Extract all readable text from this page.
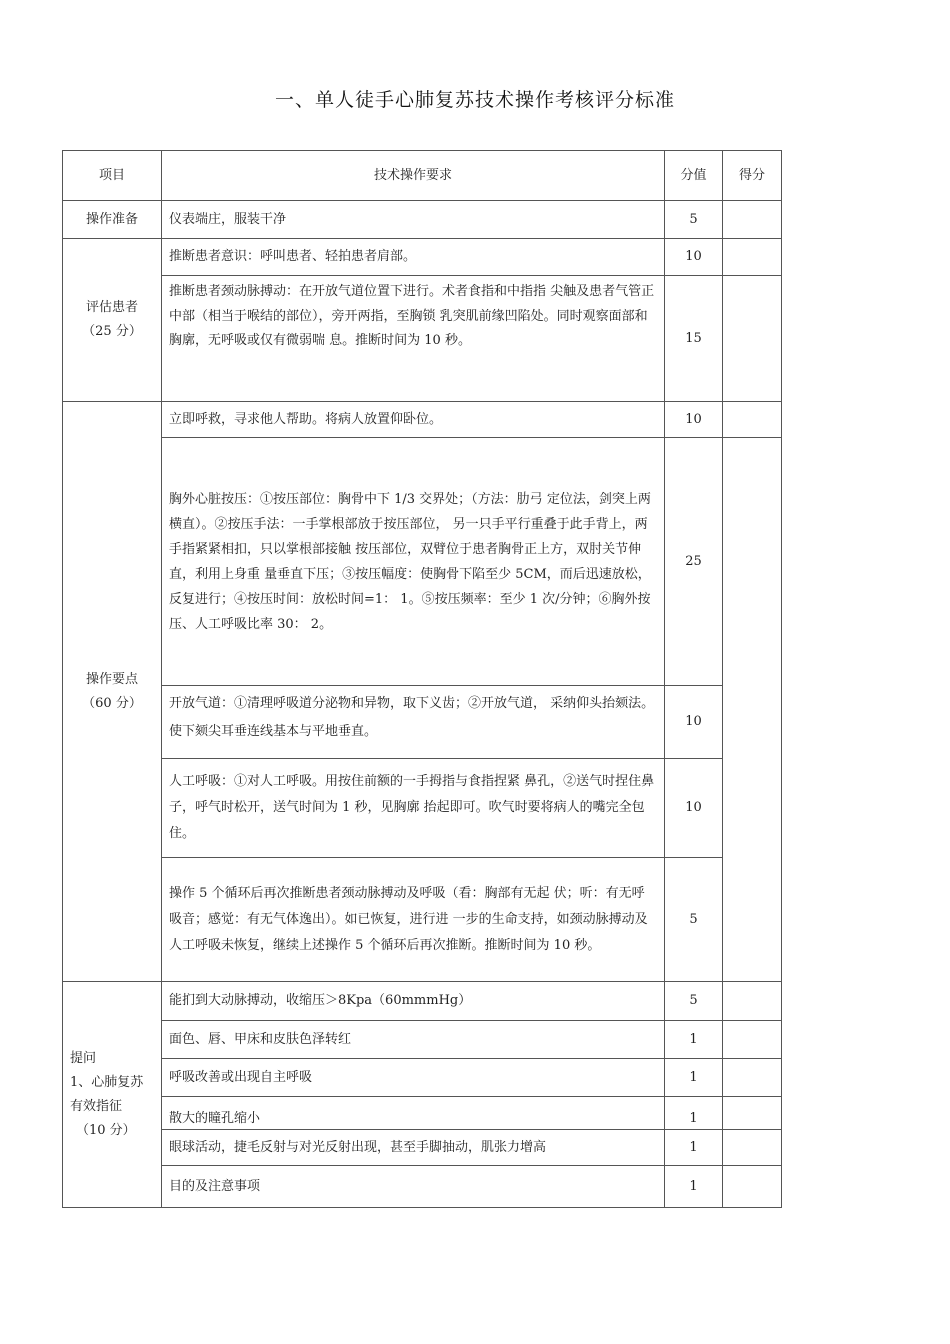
一、单人徒手心肺复苏技术操作考核评分标准
项目	技术操作要求	分值	得分
操作准备	仪表端庄，服装干净	5	

评估患者
（25 分）	推断患者意识：呼叫患者、轻拍患者肩部。	10	
	推断患者颈动脉搏动：在开放气道位置下进行。术者食指和中指指 尖触及患者气管正中部（相当于喉结的部位），旁开两指，至胸锁 乳突肌前缘凹陷处。同时观察面部和胸廓，无呼吸或仅有微弱喘 息。推断时间为 10 秒。	15	

操作要点
（60 分）	立即呼救，寻求他人帮助。将病人放置仰卧位。	10	
	胸外心脏按压：①按压部位：胸骨中下 1/3 交界处；（方法：肋弓 定位法，剑突上两横直）。②按压手法：一手掌根部放于按压部位， 另一只手平行重叠于此手背上，两手指紧紧相扣，只以掌根部接触 按压部位，双臂位于患者胸骨正上方，双肘关节伸直，利用上身重 量垂直下压；③按压幅度：使胸骨下陷至少 5CM，而后迅速放松， 反复进行；④按压时间：放松时间=1： 1。⑤按压频率：至少 1 次/分钟；⑥胸外按压、人工呼吸比率 30： 2。	25	
	开放气道：①清理呼吸道分泌物和异物，取下义齿；②开放气道， 采纳仰头抬颏法。使下颏尖耳垂连线基本与平地垂直。	10	
	人工呼吸：①对人工呼吸。用按住前额的一手拇指与食指捏紧 鼻孔，②送气时捏住鼻子，呼气时松开，送气时间为 1 秒，见胸廓 抬起即可。吹气时要将病人的嘴完全包住。	10	
	操作 5 个循环后再次推断患者颈动脉搏动及呼吸（看：胸部有无起 伏；听：有无呼吸音；感觉：有无气体逸出）。如已恢复，进行进 一步的生命支持，如颈动脉搏动及人工呼吸未恢复，继续上述操作 5 个循环后再次推断。推断时间为 10 秒。	5	

提问
1、心肺复苏有效指征
（10 分）	能扪到大动脉搏动，收缩压＞8Kpa（60mmmHg）	5	
	面色、唇、甲床和皮肤色泽转红	1	
	呼吸改善或出现自主呼吸	1	
	散大的瞳孔缩小	1	
	眼球活动，捷毛反射与对光反射出现，甚至手脚抽动，肌张力增高	1	
	目的及注意事项	1	
